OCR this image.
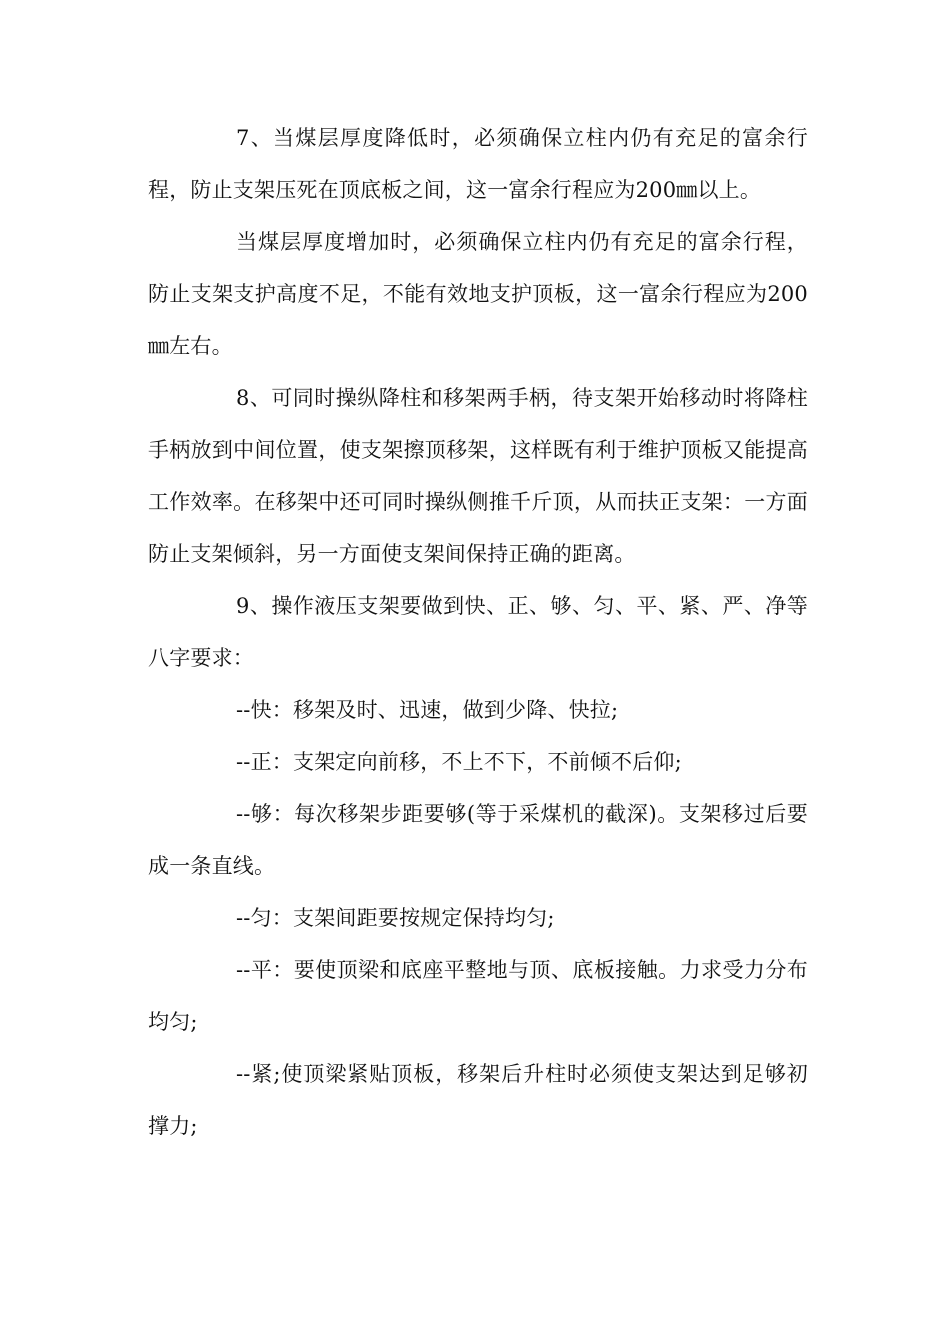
7、当煤层厚度降低时，必须确保立柱内仍有充足的富余行程，防止支架压死在顶底板之间，这一富余行程应为200㎜以上。

当煤层厚度增加时，必须确保立柱内仍有充足的富余行程，防止支架支护高度不足，不能有效地支护顶板，这一富余行程应为200㎜左右。

8、可同时操纵降柱和移架两手柄，待支架开始移动时将降柱手柄放到中间位置，使支架擦顶移架，这样既有利于维护顶板又能提高工作效率。在移架中还可同时操纵侧推千斤顶，从而扶正支架：一方面防止支架倾斜，另一方面使支架间保持正确的距离。

9、操作液压支架要做到快、正、够、匀、平、紧、严、净等八字要求：

--快：移架及时、迅速，做到少降、快拉;

--正：支架定向前移，不上不下，不前倾不后仰;

--够：每次移架步距要够(等于采煤机的截深)。支架移过后要成一条直线。

--匀：支架间距要按规定保持均匀;

--平：要使顶梁和底座平整地与顶、底板接触。力求受力分布均匀;

--紧;使顶梁紧贴顶板，移架后升柱时必须使支架达到足够初撑力;
